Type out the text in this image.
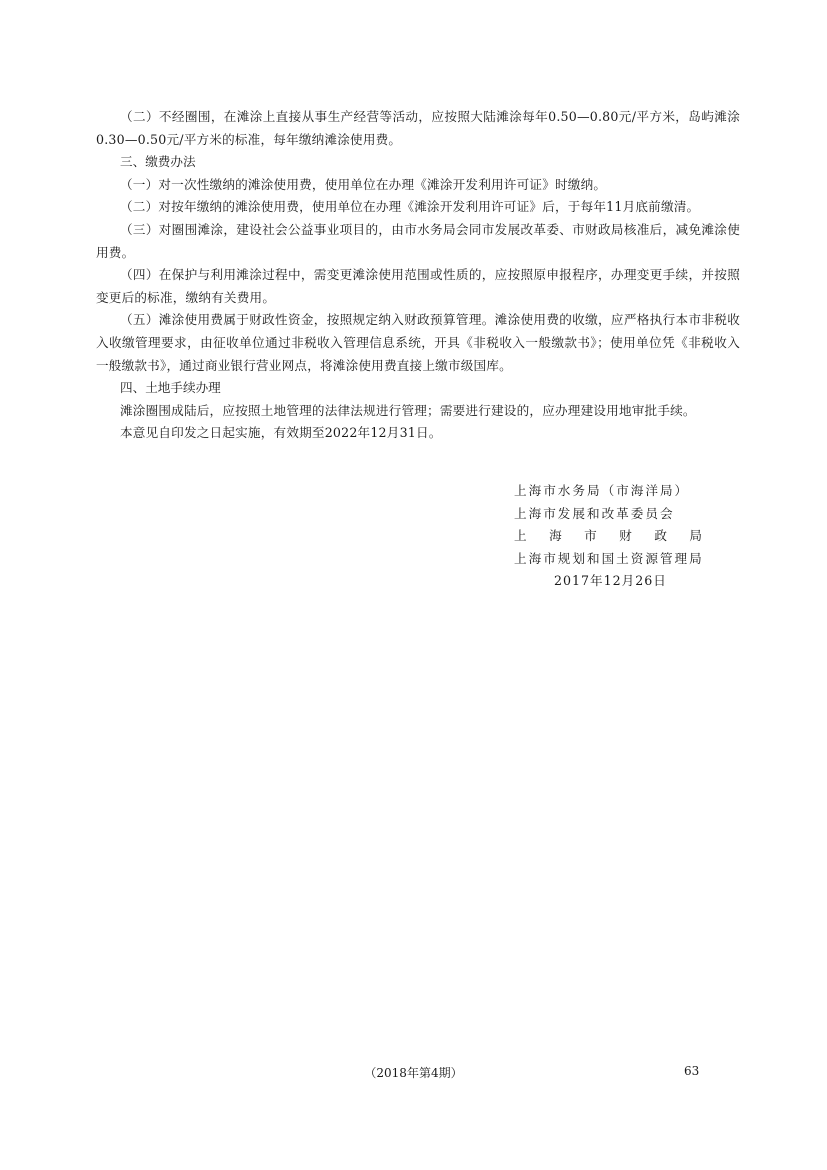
（二）不经圈围，在滩涂上直接从事生产经营等活动，应按照大陆滩涂每年0.50—0.80元/平方米，岛屿滩涂0.30—0.50元/平方米的标准，每年缴纳滩涂使用费。

三、缴费办法

（一）对一次性缴纳的滩涂使用费，使用单位在办理《滩涂开发利用许可证》时缴纳。

（二）对按年缴纳的滩涂使用费，使用单位在办理《滩涂开发利用许可证》后，于每年11月底前缴清。

（三）对圈围滩涂，建设社会公益事业项目的，由市水务局会同市发展改革委、市财政局核准后，减免滩涂使用费。

（四）在保护与利用滩涂过程中，需变更滩涂使用范围或性质的，应按照原申报程序，办理变更手续，并按照变更后的标准，缴纳有关费用。

（五）滩涂使用费属于财政性资金，按照规定纳入财政预算管理。滩涂使用费的收缴，应严格执行本市非税收入收缴管理要求，由征收单位通过非税收入管理信息系统，开具《非税收入一般缴款书》；使用单位凭《非税收入一般缴款书》，通过商业银行营业网点，将滩涂使用费直接上缴市级国库。

四、土地手续办理

滩涂圈围成陆后，应按照土地管理的法律法规进行管理；需要进行建设的，应办理建设用地审批手续。

本意见自印发之日起实施，有效期至2022年12月31日。

上海市水务局（市海洋局）
上海市发展和改革委员会
上 海 市 财 政 局
上海市规划和国土资源管理局
2017年12月26日
（2018年第4期）	63
